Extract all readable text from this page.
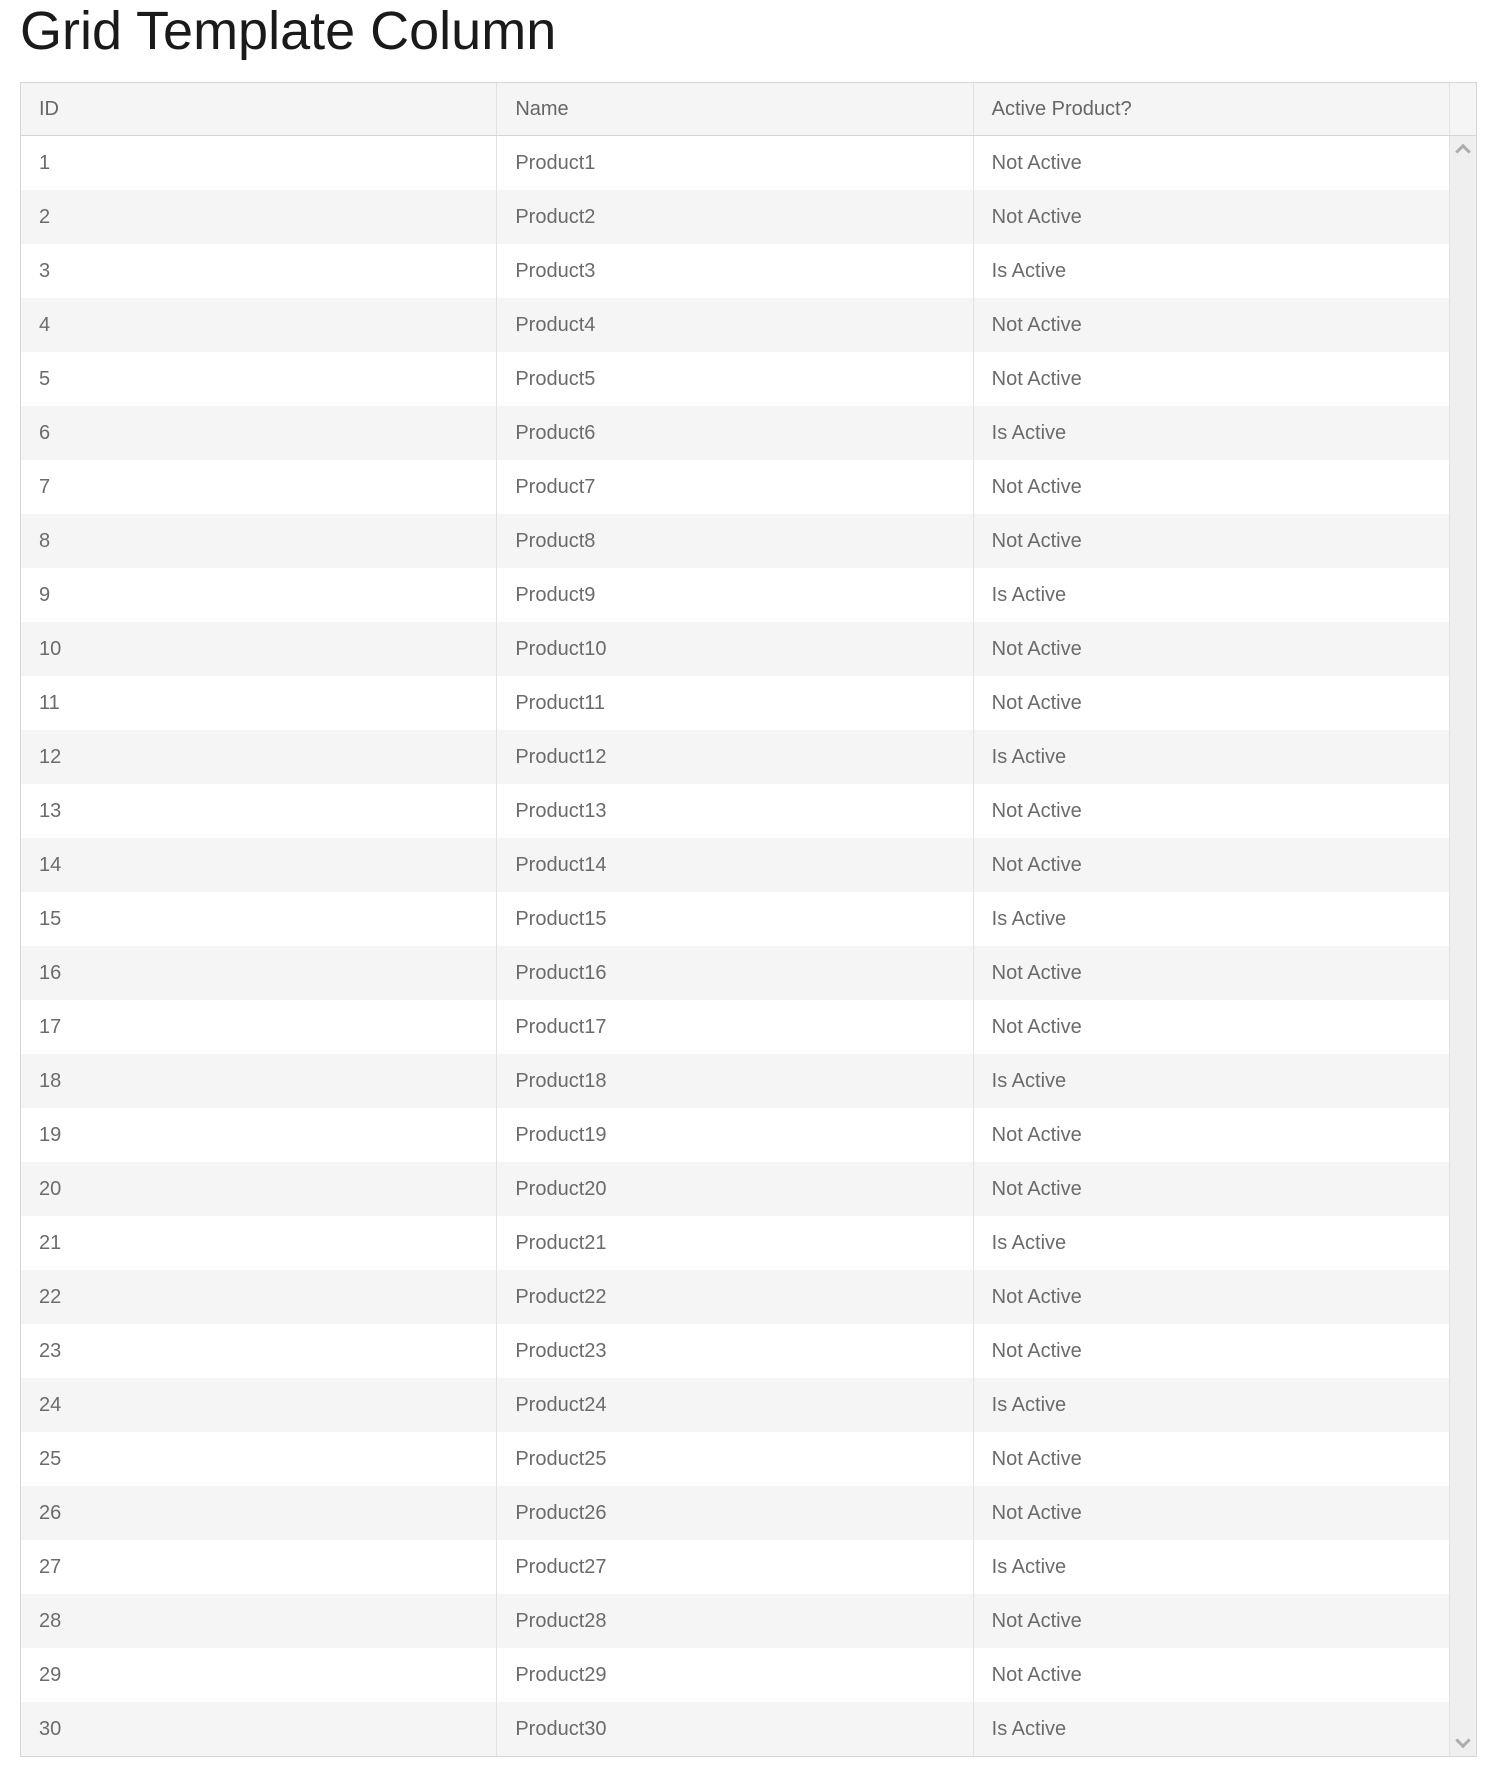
Grid Template Column
ID	Name	Active Product?
1	Product1	Not Active
2	Product2	Not Active
3	Product3	Is Active
4	Product4	Not Active
5	Product5	Not Active
6	Product6	Is Active
7	Product7	Not Active
8	Product8	Not Active
9	Product9	Is Active
10	Product10	Not Active
11	Product11	Not Active
12	Product12	Is Active
13	Product13	Not Active
14	Product14	Not Active
15	Product15	Is Active
16	Product16	Not Active
17	Product17	Not Active
18	Product18	Is Active
19	Product19	Not Active
20	Product20	Not Active
21	Product21	Is Active
22	Product22	Not Active
23	Product23	Not Active
24	Product24	Is Active
25	Product25	Not Active
26	Product26	Not Active
27	Product27	Is Active
28	Product28	Not Active
29	Product29	Not Active
30	Product30	Is Active
